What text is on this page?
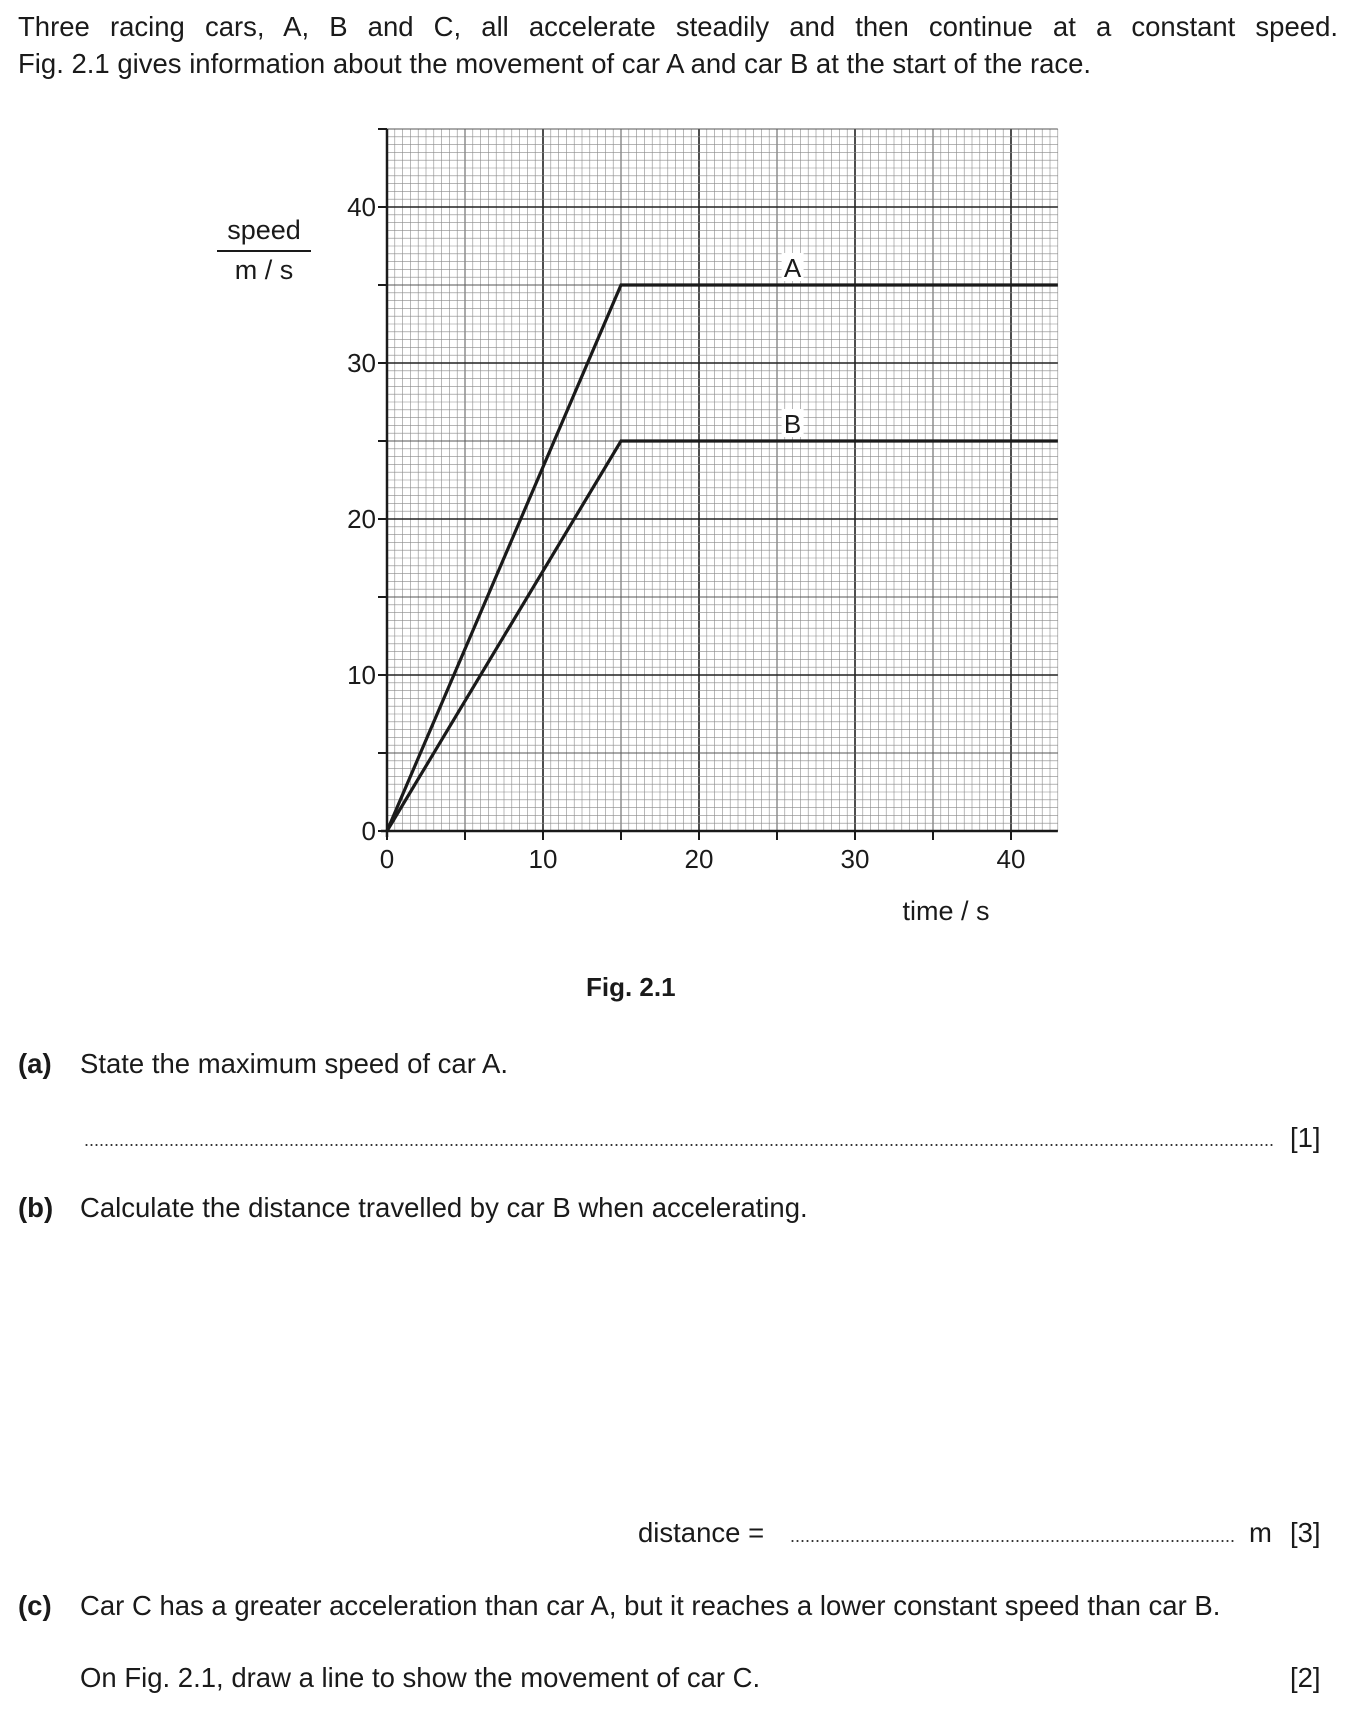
Three racing cars, A, B and C, all accelerate steadily and then continue at a constant speed.

Fig. 2.1 gives information about the movement of car A and car B at the start of the race.

0
10
20
30
40
0	10	20	30	40
A
B
speed
m / s
time / s
Fig. 2.1
(a) State the maximum speed of car A.
[1]
(b) Calculate the distance travelled by car B when accelerating.
distance =	m [3]
(c) Car C has a greater acceleration than car A, but it reaches a lower constant speed than car B.
On Fig. 2.1, draw a line to show the movement of car C.	[2]
